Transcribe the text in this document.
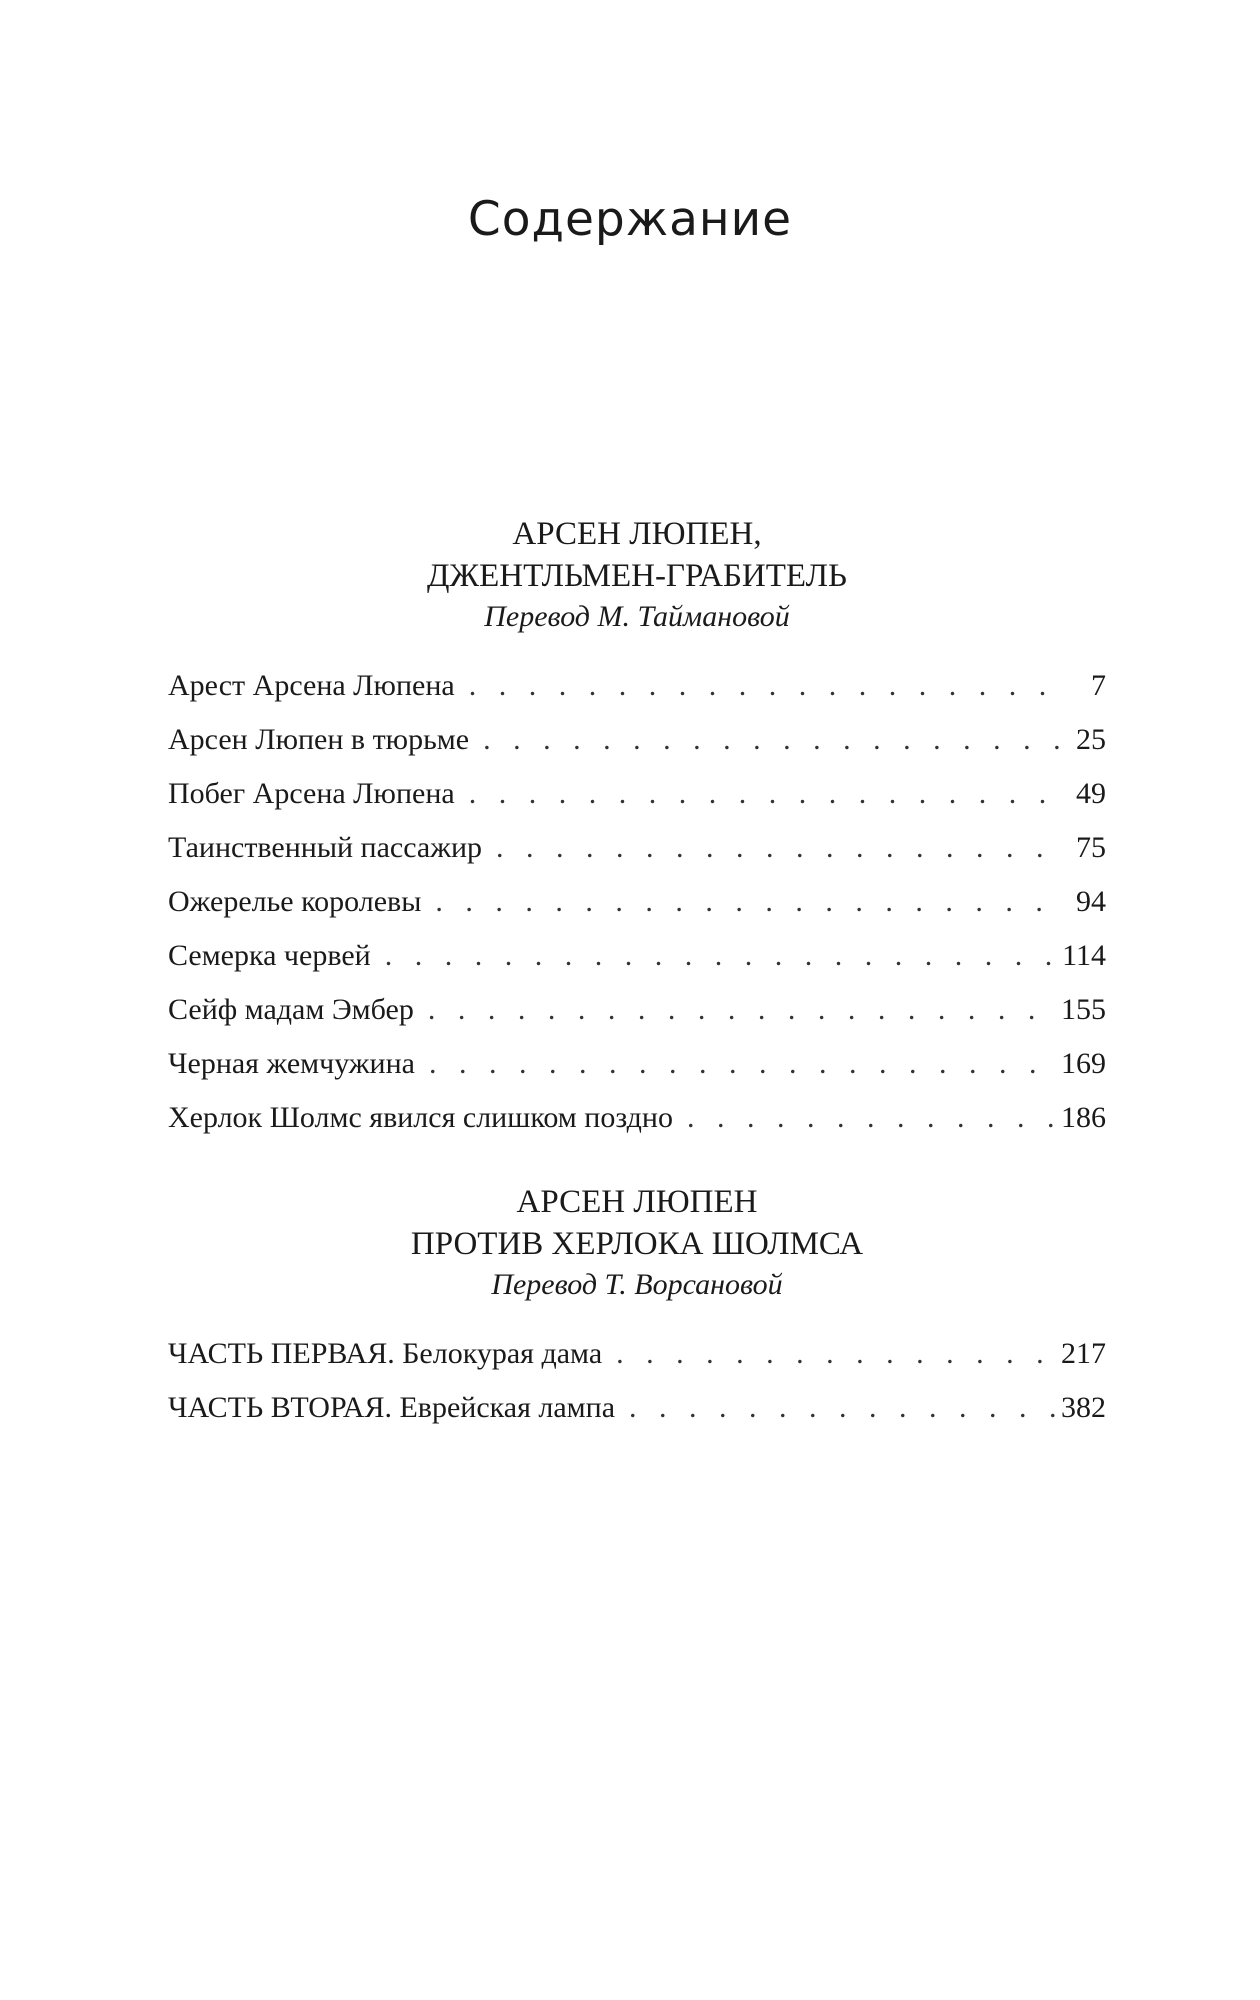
Содержание
АРСЕН ЛЮПЕН,
ДЖЕНТЛЬМЕН-ГРАБИТЕЛЬ
Перевод М. Таймановой
Арест Арсена Люпена . . .	7
Арсен Люпен в тюрьме . . .	25
Побег Арсена Люпена . . .	49
Таинственный пассажир . . .	75
Ожерелье королевы . . .	94
Семерка червей . . .	114
Сейф мадам Эмбер . . .	155
Черная жемчужина . . .	169
Херлок Шолмс явился слишком поздно . . .	186
АРСЕН ЛЮПЕН
ПРОТИВ ХЕРЛОКА ШОЛМСА
Перевод Т. Ворсановой
ЧАСТЬ ПЕРВАЯ. Белокурая дама . . .	217
ЧАСТЬ ВТОРАЯ. Еврейская лампа . . .	382
